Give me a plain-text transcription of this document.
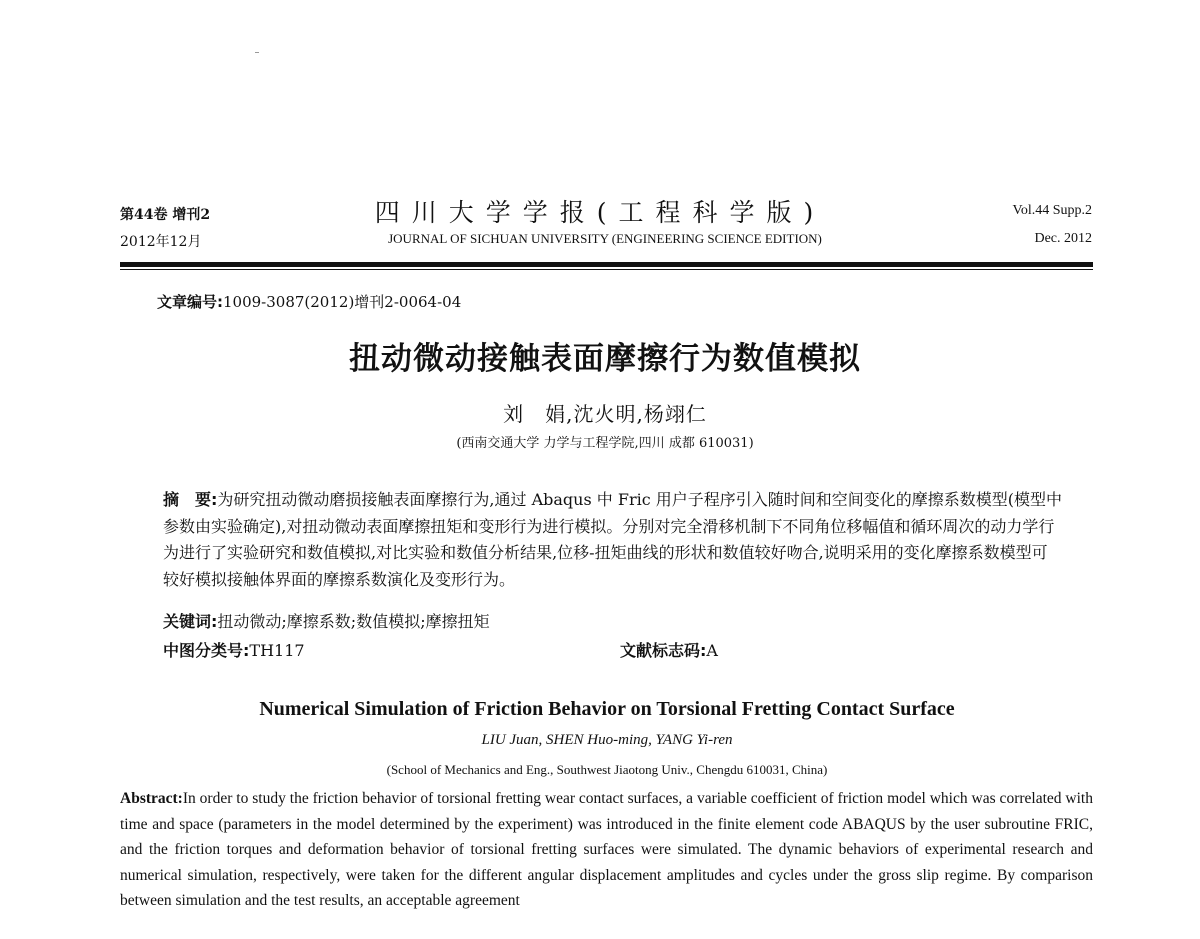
第44卷 增刊2
2012年12月
四川大学学报(工程科学版)
JOURNAL OF SICHUAN UNIVERSITY (ENGINEERING SCIENCE EDITION)
Vol.44 Supp.2
Dec. 2012
文章编号:1009-3087(2012)增刊2-0064-04
扭动微动接触表面摩擦行为数值模拟
刘　娟,沈火明,杨翊仁
(西南交通大学 力学与工程学院,四川 成都 610031)
摘　要:为研究扭动微动磨损接触表面摩擦行为,通过 Abaqus 中 Fric 用户子程序引入随时间和空间变化的摩擦系数模型(模型中参数由实验确定),对扭动微动表面摩擦扭矩和变形行为进行模拟。分别对完全滑移机制下不同角位移幅值和循环周次的动力学行为进行了实验研究和数值模拟,对比实验和数值分析结果,位移-扭矩曲线的形状和数值较好吻合,说明采用的变化摩擦系数模型可较好模拟接触体界面的摩擦系数演化及变形行为。
关键词:扭动微动;摩擦系数;数值模拟;摩擦扭矩
中图分类号:TH117	文献标志码:A
Numerical Simulation of Friction Behavior on Torsional Fretting Contact Surface
LIU Juan, SHEN Huo-ming, YANG Yi-ren
(School of Mechanics and Eng., Southwest Jiaotong Univ., Chengdu 610031, China)
Abstract:In order to study the friction behavior of torsional fretting wear contact surfaces, a variable coefficient of friction model which was correlated with time and space (parameters in the model determined by the experiment) was introduced in the finite element code ABAQUS by the user subroutine FRIC, and the friction torques and deformation behavior of torsional fretting surfaces were simulated. The dynamic behaviors of experimental research and numerical simulation, respectively, were taken for the different angular displacement amplitudes and cycles under the gross slip regime. By comparison between simulation and the test results, an acceptable agreement
